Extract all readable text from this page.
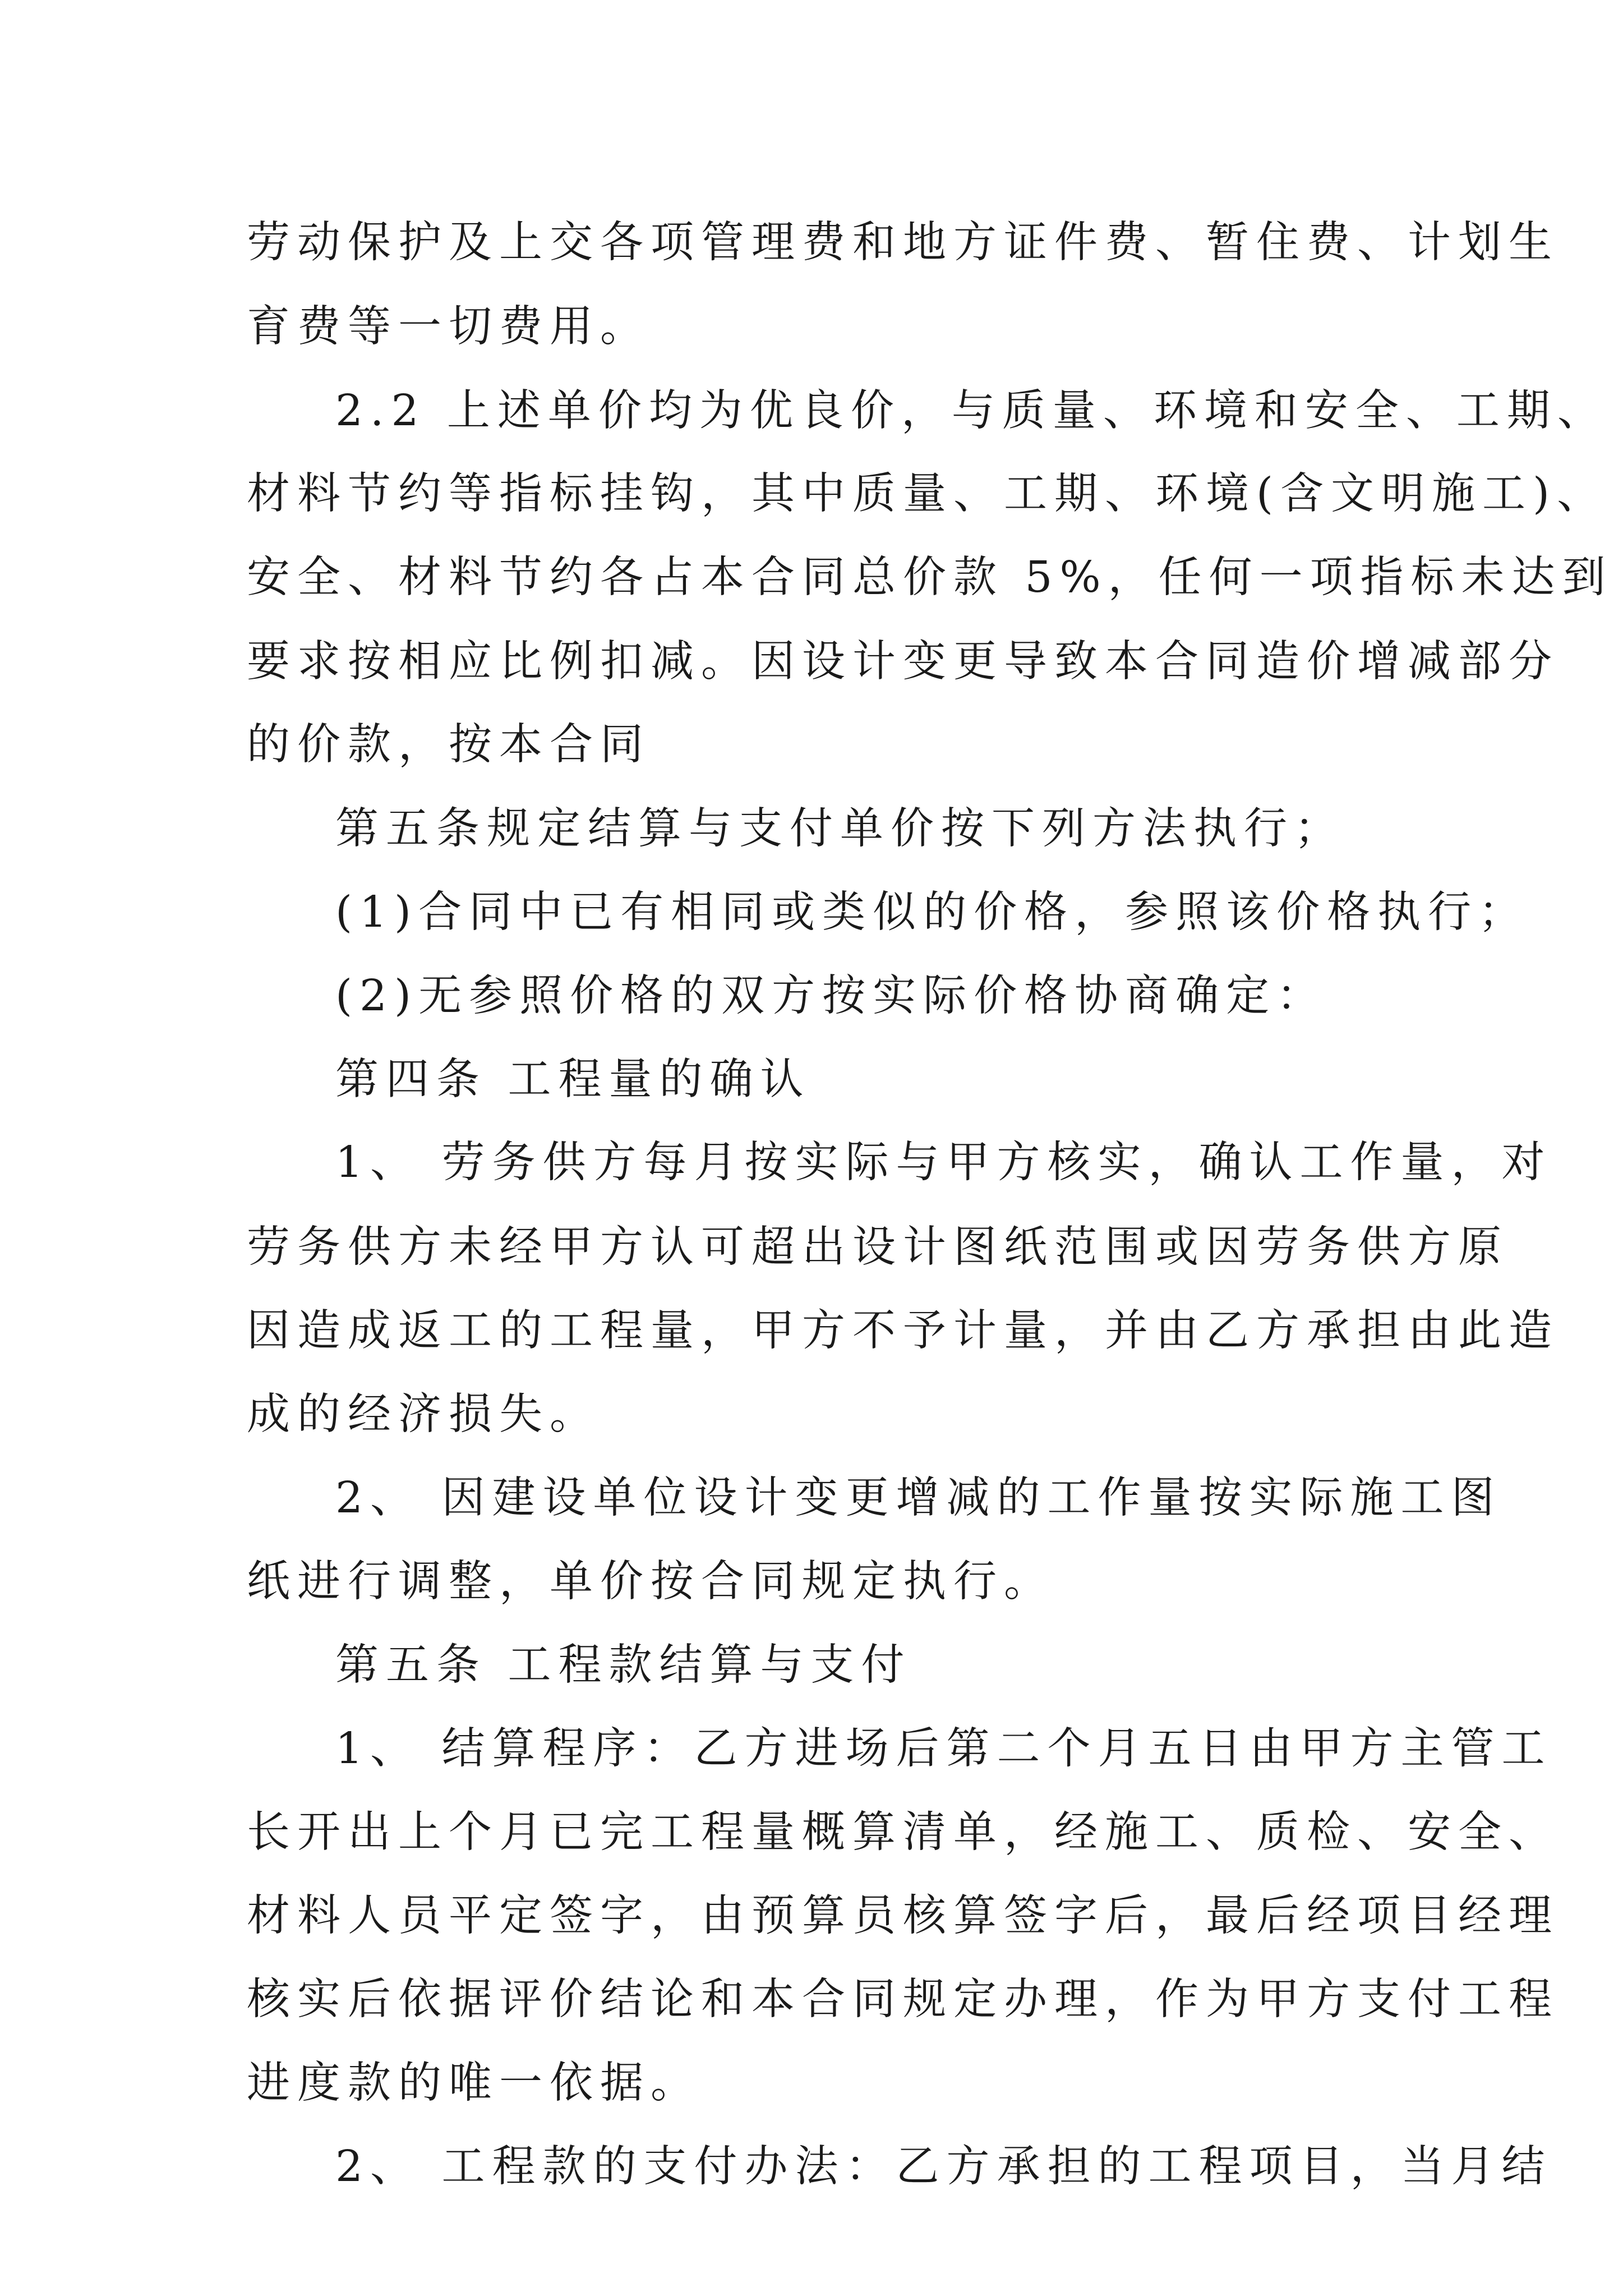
劳动保护及上交各项管理费和地方证件费、暂住费、计划生

育费等一切费用。

2.2 上述单价均为优良价，与质量、环境和安全、工期、

材料节约等指标挂钩，其中质量、工期、环境(含文明施工)、

安全、材料节约各占本合同总价款 5%，任何一项指标未达到

要求按相应比例扣减。因设计变更导致本合同造价增减部分

的价款，按本合同

第五条规定结算与支付单价按下列方法执行；

(1)合同中已有相同或类似的价格，参照该价格执行；

(2)无参照价格的双方按实际价格协商确定：

第四条 工程量的确认

1、 劳务供方每月按实际与甲方核实，确认工作量，对

劳务供方未经甲方认可超出设计图纸范围或因劳务供方原

因造成返工的工程量，甲方不予计量，并由乙方承担由此造

成的经济损失。

2、 因建设单位设计变更增减的工作量按实际施工图

纸进行调整，单价按合同规定执行。

第五条 工程款结算与支付

1、 结算程序：乙方进场后第二个月五日由甲方主管工

长开出上个月已完工程量概算清单，经施工、质检、安全、

材料人员平定签字，由预算员核算签字后，最后经项目经理

核实后依据评价结论和本合同规定办理，作为甲方支付工程

进度款的唯一依据。

2、 工程款的支付办法：乙方承担的工程项目，当月结
